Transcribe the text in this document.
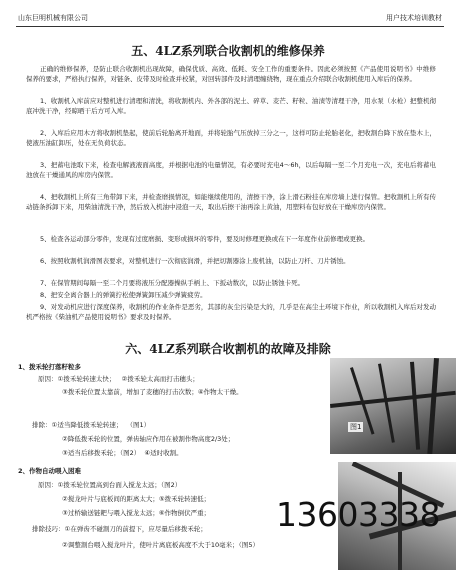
山东巨明机械有限公司	用户技术培训教材
五、4LZ系列联合收割机的维修保养
正确的维修保养，是防止联合收割机出现故障，确保优质、高效、低耗、安全工作的重要条件。因此必须按照《产品使用说明书》中维修保养的要求，严格执行保养，对链条、皮带及时检查并校紧，对回转部件及时清理缠绕物，现在重点介绍联合收割机使用入库后的保养。
1、收割机入库前应对整机进行清理和清洗，将收割机内、外各部的泥土、碎草、麦芒、籽粒、油渍等清理干净，用水泵（水枪）把整机彻底冲洗干净，经晾晒干后方可入库。
2、入库后应用木方将收割机垫起，使前后轮胎离开地面，并将轮胎气压放掉三分之一，这样可防止轮胎老化，把收割台降下放在垫木上，使液压油缸卸压，处在无负荷状态。
3、把蓄电池取下来，检查电解液液面高度，并根据电池的电量情况，有必要时充电4～6h，以后每隔一至二个月充电一次，充电后将蓄电池放在干燥通风的库房内保管。
4、把收割机上所有三角带卸下来，并检查磨损情况，如能继续使用的，清擦干净，涂上滑石粉挂在库房墙上进行保管。把收割机上所有传动链条拆卸下来，用柴油清洗干净，然后放入机油中浸泡一天，取出后擦干油再涂上黄油，用塑料布包好放在干燥库房内保管。
5、检查各运动部分零件，发现有过度磨损、变形或损坏的零件，要及时修理更换或在下一年度作业前修理或更换。
6、按照收割机润滑图表要求，对整机进行一次彻底润滑，并把切割器涂上废机油，以防止刀杆、刀片锈蚀。
7、在保管期间每隔一至二个月要将液压分配器操纵手柄上、下扳动数次，以防止锈蚀卡死。
8、把安全离合器上的弹簧拧松使弹簧卸压减少弹簧疲劳。
9、对发动机应进行深度保养，收割机的作业条件是恶劣，其部的灰尘污染是大的，几乎是在高尘土环境下作业，所以收割机入库后对发动机严格按《柴油机产品使用说明书》要求及时保养。
六、4LZ系列联合收割机的故障及排除
1、拨禾轮打落籽粒多
原因：①拨禾轮转速太快； ②拨禾轮太高而打击穗头；
③拨禾轮位置太靠前，增加了麦穗的打击次数；④作物太干燥。
排除：①适当降低拨禾轮转速； （图1）
②降低拨禾轮的位置，弹齿轴应作用在被割作物高度2/3处；
③适当后移拨禾轮；（图2） ④适时收割。
2、作物自动喂入困难
原因：①拨禾轮位置高到台面入搅龙太远；（图2）
②搅龙叶片与底板间的距离太大；⑤拨禾轮转速低；
③过桥输送链耙与喂入搅龙太远；⑥作物倒伏严重；
排除技巧：①在弹齿不碰割刀的前提下，应尽量后移拨禾轮；
②调整割台喂入搅龙叶片，使叶片离底板高度不大于10毫米；（图5）
图1
13603338
